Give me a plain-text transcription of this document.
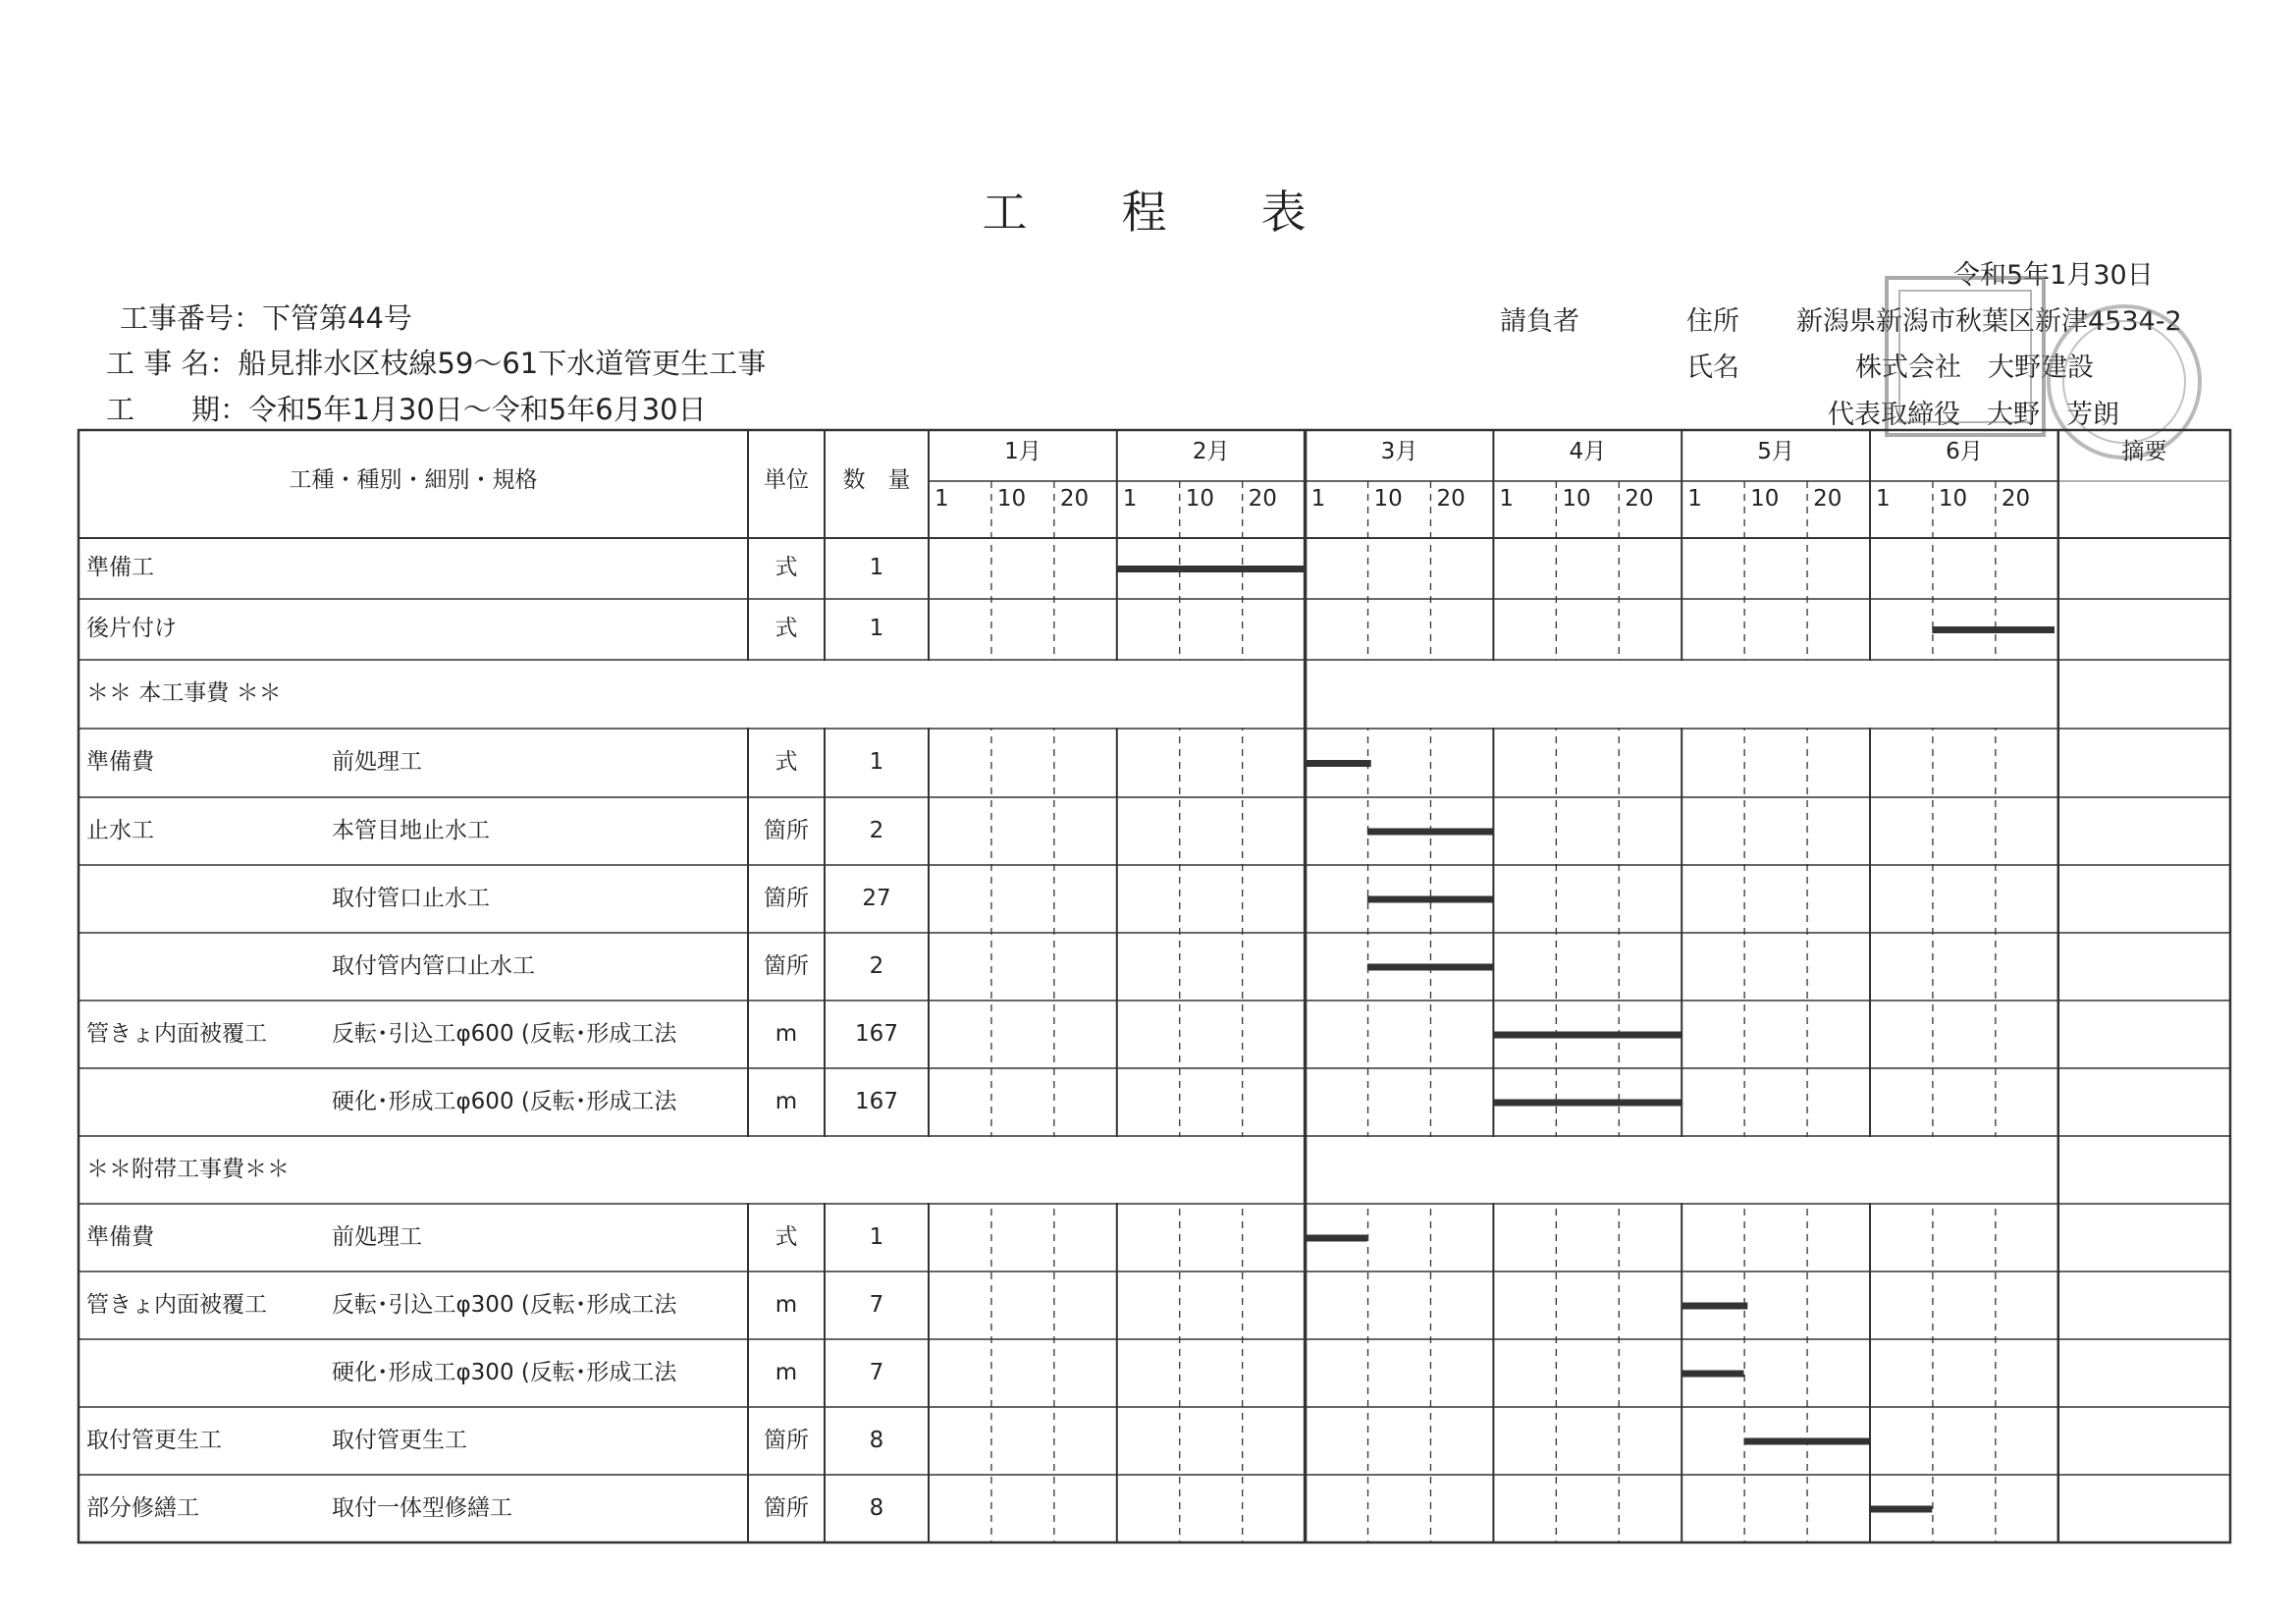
工 程 表
令和5年1月30日
工事番号：下管第44号
工 事 名：船見排水区枝線59～61下水道管更生工事
工　　期：令和5年1月30日～令和5年6月30日
請負者	住所 新潟県新潟市秋葉区新津4534-2
氏名	株式会社　大野建設
代表取締役　大野　芳朗
工種・種別・細別・規格	単位 数　量
摘要
1月
1 10 20
2月
1 10 20
3月
1 10 20
4月
1 10 20
5月
1 10 20
6月
1 10 20
準備工	式	1
後片付け	式	1
＊＊ 本工事費 ＊＊
準備費	前処理工	式	1
止水工	本管目地止水工	箇所	2
取付管口止水工	箇所 27
取付管内管口止水工	箇所	2
管きょ内面被覆工	反転･引込工φ600 (反転･形成工法	m	167
硬化･形成工φ600 (反転･形成工法	m	167
＊＊附帯工事費＊＊
準備費	前処理工	式	1
管きょ内面被覆工	反転･引込工φ300 (反転･形成工法	m	7
硬化･形成工φ300 (反転･形成工法	m	7
取付管更生工	取付管更生工	箇所	8
部分修繕工	取付一体型修繕工	箇所	8
